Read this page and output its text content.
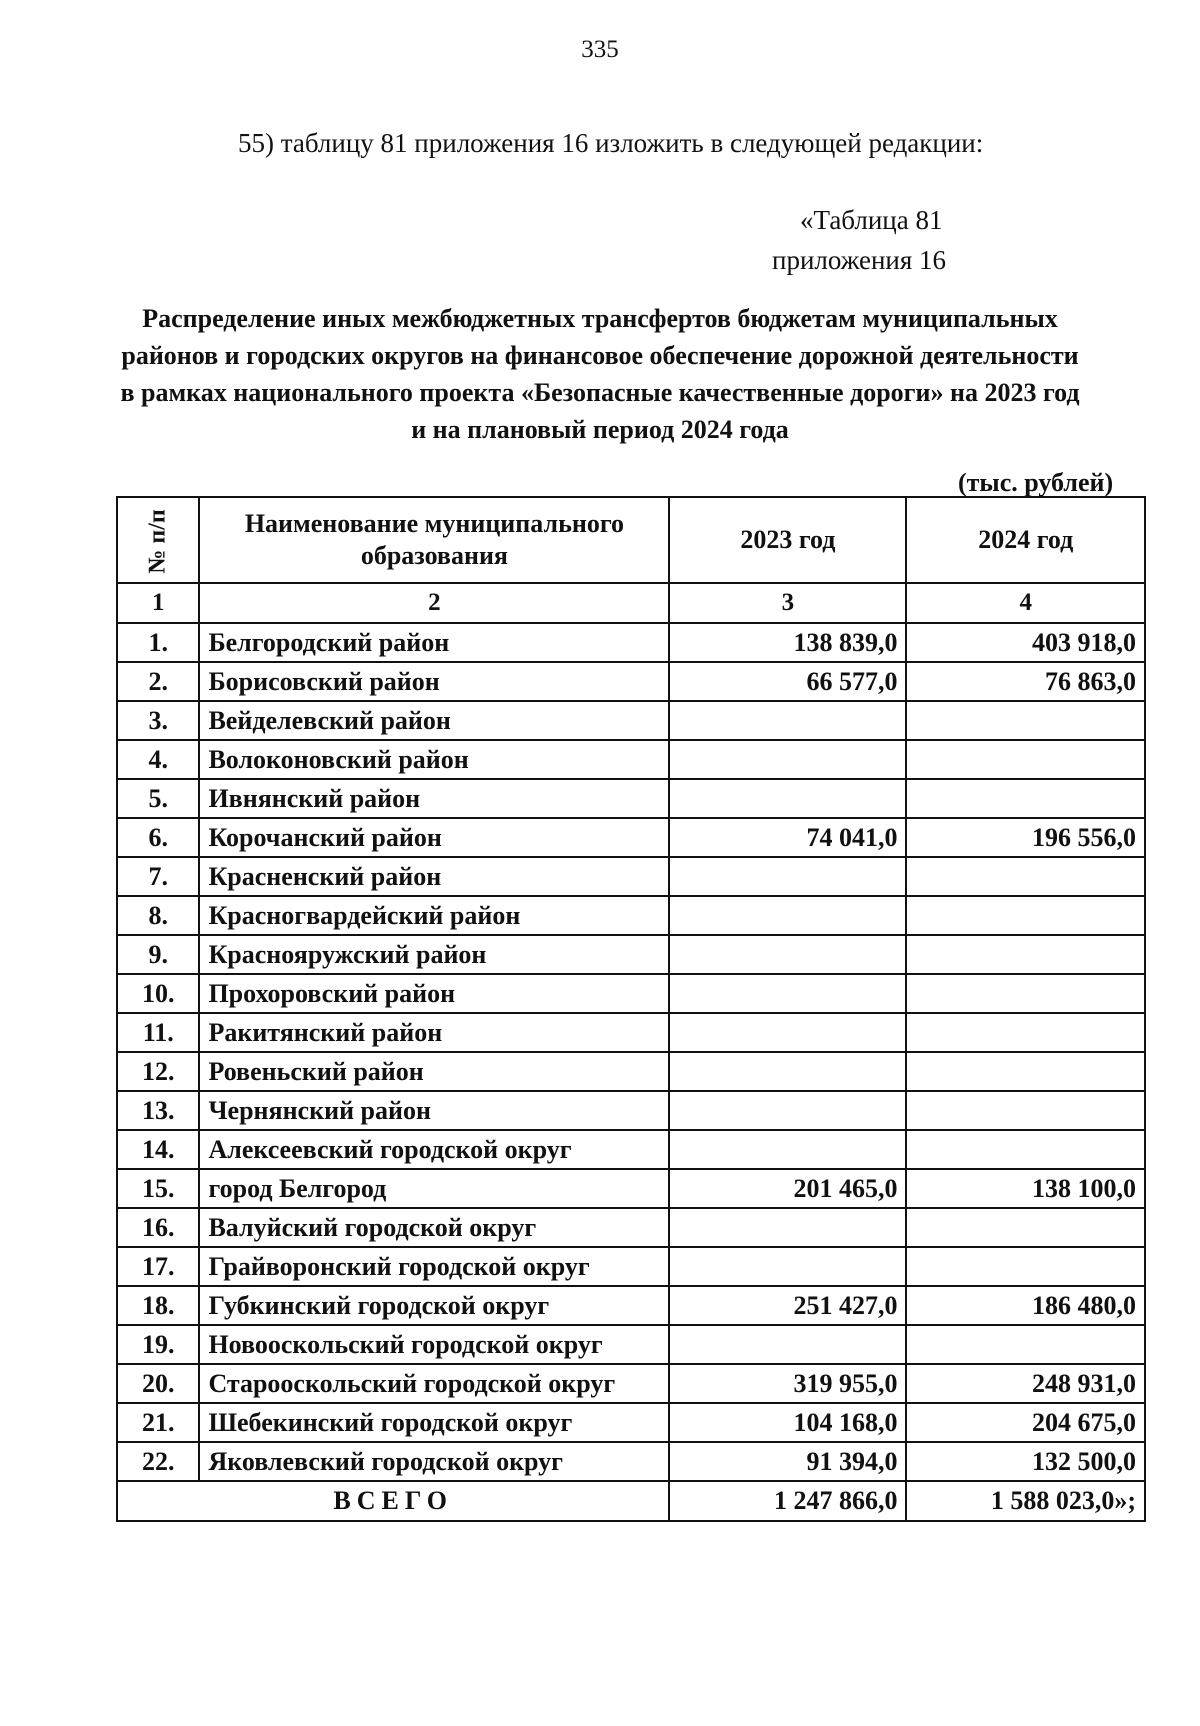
335
55) таблицу 81 приложения 16 изложить в следующей редакции:
«Таблица 81
приложения 16
Распределение иных межбюджетных трансфертов бюджетам муниципальных районов и городских округов на финансовое обеспечение дорожной деятельности в рамках национального проекта «Безопасные качественные дороги» на 2023 год и на плановый период 2024 года
(тыс. рублей)
№ п/п	Наименование муниципального образования	2023 год	2024 год
1	2	3	4
1.	Белгородский район	138 839,0	403 918,0
2.	Борисовский район	66 577,0	76 863,0
3.	Вейделевский район		
4.	Волоконовский район		
5.	Ивнянский район		
6.	Корочанский район	74 041,0	196 556,0
7.	Красненский район		
8.	Красногвардейский район		
9.	Краснояружский район		
10.	Прохоровский район		
11.	Ракитянский район		
12.	Ровеньский район		
13.	Чернянский район		
14.	Алексеевский городской округ		
15.	город Белгород	201 465,0	138 100,0
16.	Валуйский городской округ		
17.	Грайворонский городской округ		
18.	Губкинский городской округ	251 427,0	186 480,0
19.	Новооскольский городской округ		
20.	Старооскольский городской округ	319 955,0	248 931,0
21.	Шебекинский городской округ	104 168,0	204 675,0
22.	Яковлевский городской округ	91 394,0	132 500,0
ВСЕГО		1 247 866,0	1 588 023,0»;
